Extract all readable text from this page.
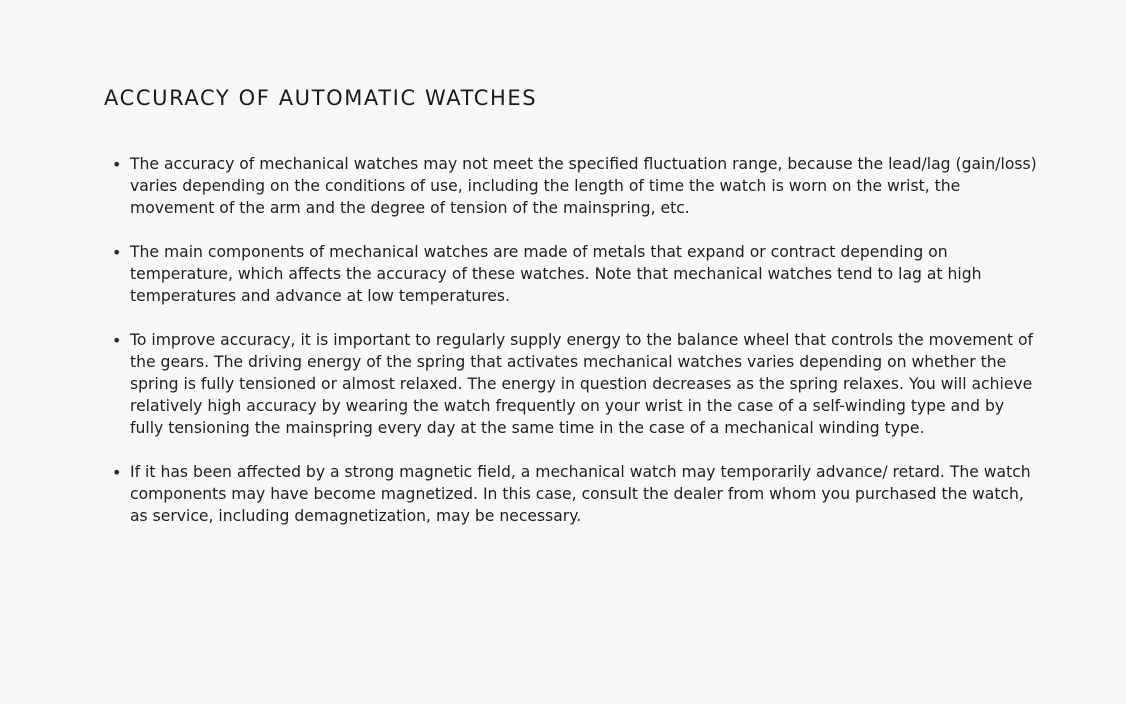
ACCURACY OF AUTOMATIC WATCHES
• The accuracy of mechanical watches may not meet the specified fluctuation range, because the lead/lag (gain/loss) varies depending on the conditions of use, including the length of time the watch is worn on the wrist, the movement of the arm and the degree of tension of the mainspring, etc.
• The main components of mechanical watches are made of metals that expand or contract depending on temperature, which affects the accuracy of these watches. Note that mechanical watches tend to lag at high temperatures and advance at low temperatures.
• To improve accuracy, it is important to regularly supply energy to the balance wheel that controls the movement of the gears. The driving energy of the spring that activates mechanical watches varies depending on whether the spring is fully tensioned or almost relaxed. The energy in question decreases as the spring relaxes. You will achieve relatively high accuracy by wearing the watch frequently on your wrist in the case of a self-winding type and by fully tensioning the mainspring every day at the same time in the case of a mechanical winding type.
• If it has been affected by a strong magnetic field, a mechanical watch may temporarily advance/ retard. The watch components may have become magnetized. In this case, consult the dealer from whom you purchased the watch, as service, including demagnetization, may be necessary.
